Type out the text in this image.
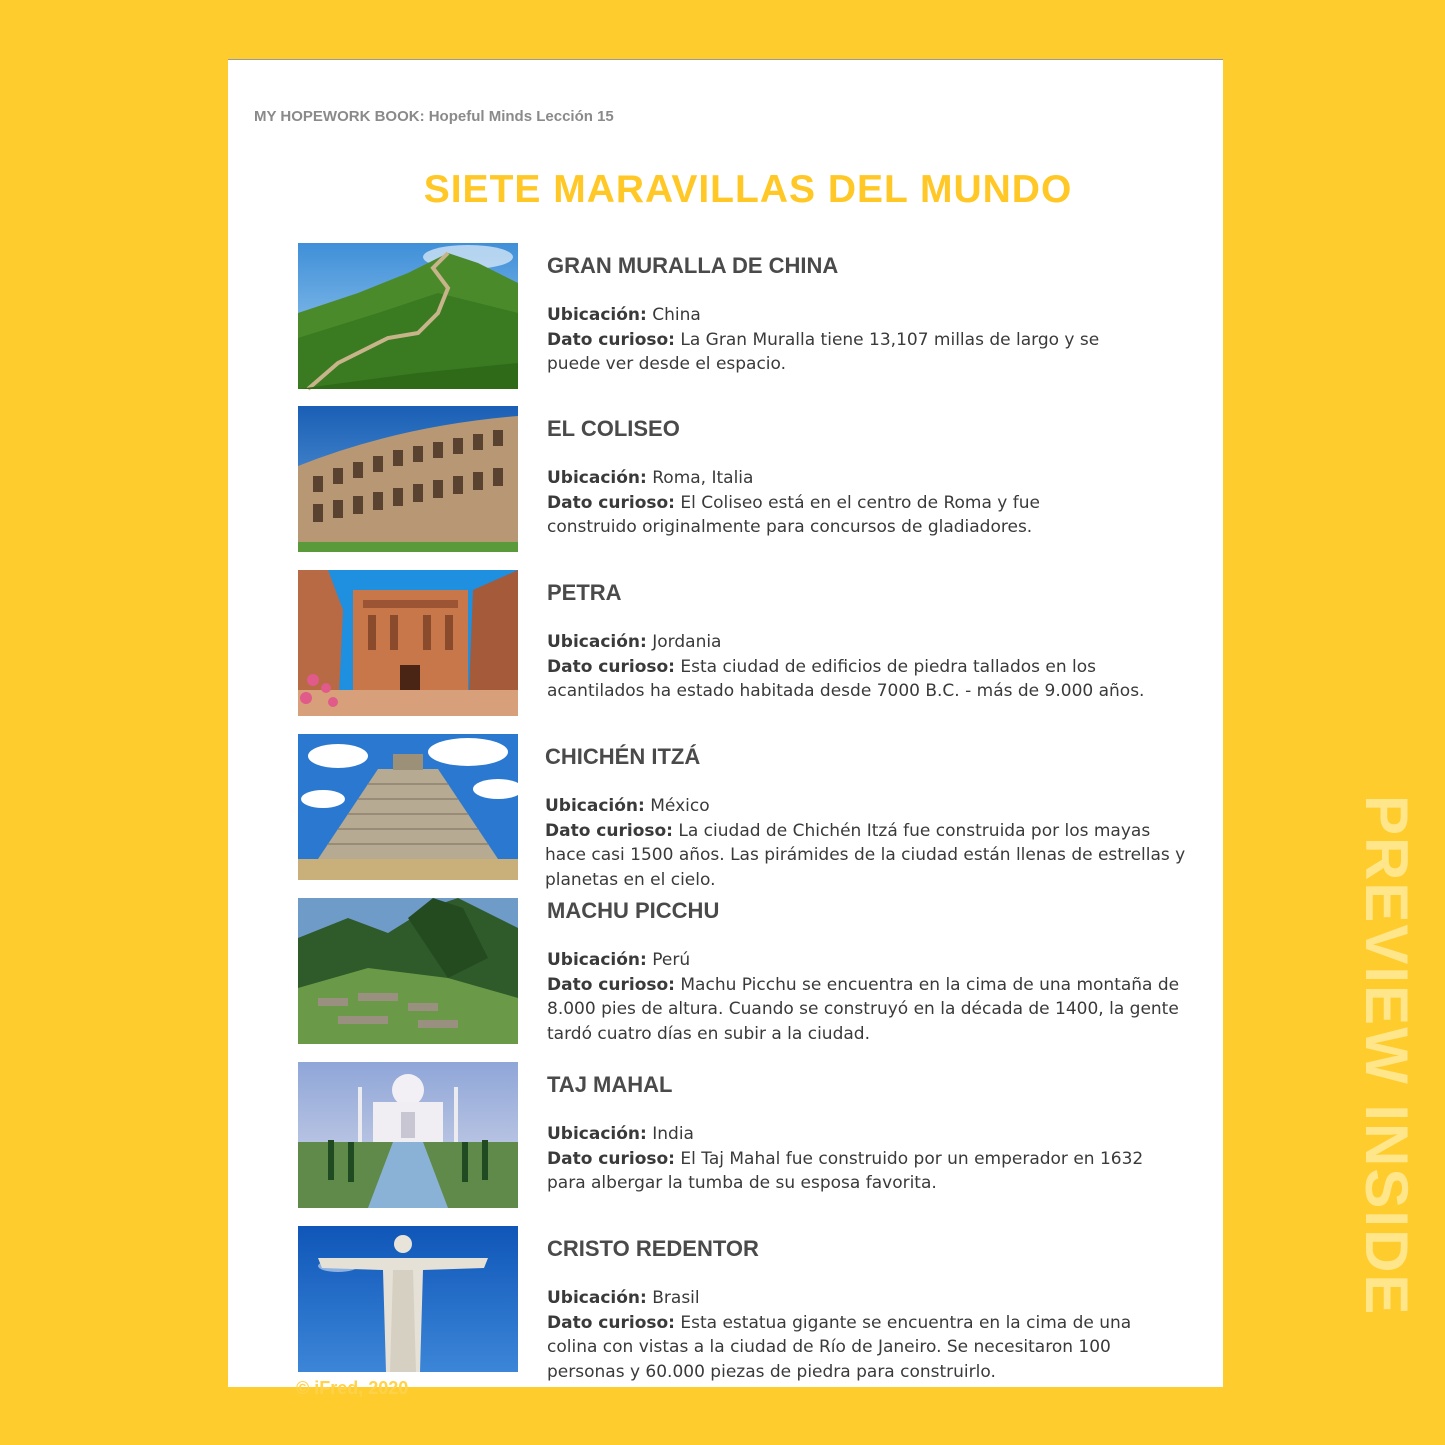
MY HOPEWORK BOOK: Hopeful Minds Lección 15
SIETE MARAVILLAS DEL MUNDO
GRAN MURALLA DE CHINA
Ubicación: China
Dato curioso: La Gran Muralla tiene 13,107 millas de largo y se puede ver desde el espacio.
EL COLISEO
Ubicación: Roma, Italia
Dato curioso: El Coliseo está en el centro de Roma y fue construido originalmente para concursos de gladiadores.
PETRA
Ubicación: Jordania
Dato curioso: Esta ciudad de edificios de piedra tallados en los acantilados ha estado habitada desde 7000 B.C. - más de 9.000 años.
CHICHÉN ITZÁ
Ubicación: México
Dato curioso: La ciudad de Chichén Itzá fue construida por los mayas hace casi 1500 años. Las pirámides de la ciudad están llenas de estrellas y planetas en el cielo.
MACHU PICCHU
Ubicación: Perú
Dato curioso: Machu Picchu se encuentra en la cima de una montaña de 8.000 pies de altura. Cuando se construyó en la década de 1400, la gente tardó cuatro días en subir a la ciudad.
TAJ MAHAL
Ubicación: India
Dato curioso: El Taj Mahal fue construido por un emperador en 1632 para albergar la tumba de su esposa favorita.
CRISTO REDENTOR
Ubicación: Brasil
Dato curioso: Esta estatua gigante se encuentra en la cima de una colina con vistas a la ciudad de Río de Janeiro. Se necesitaron 100 personas y 60.000 piezas de piedra para construirlo.
© iFred, 2020
PREVIEW INSIDE
